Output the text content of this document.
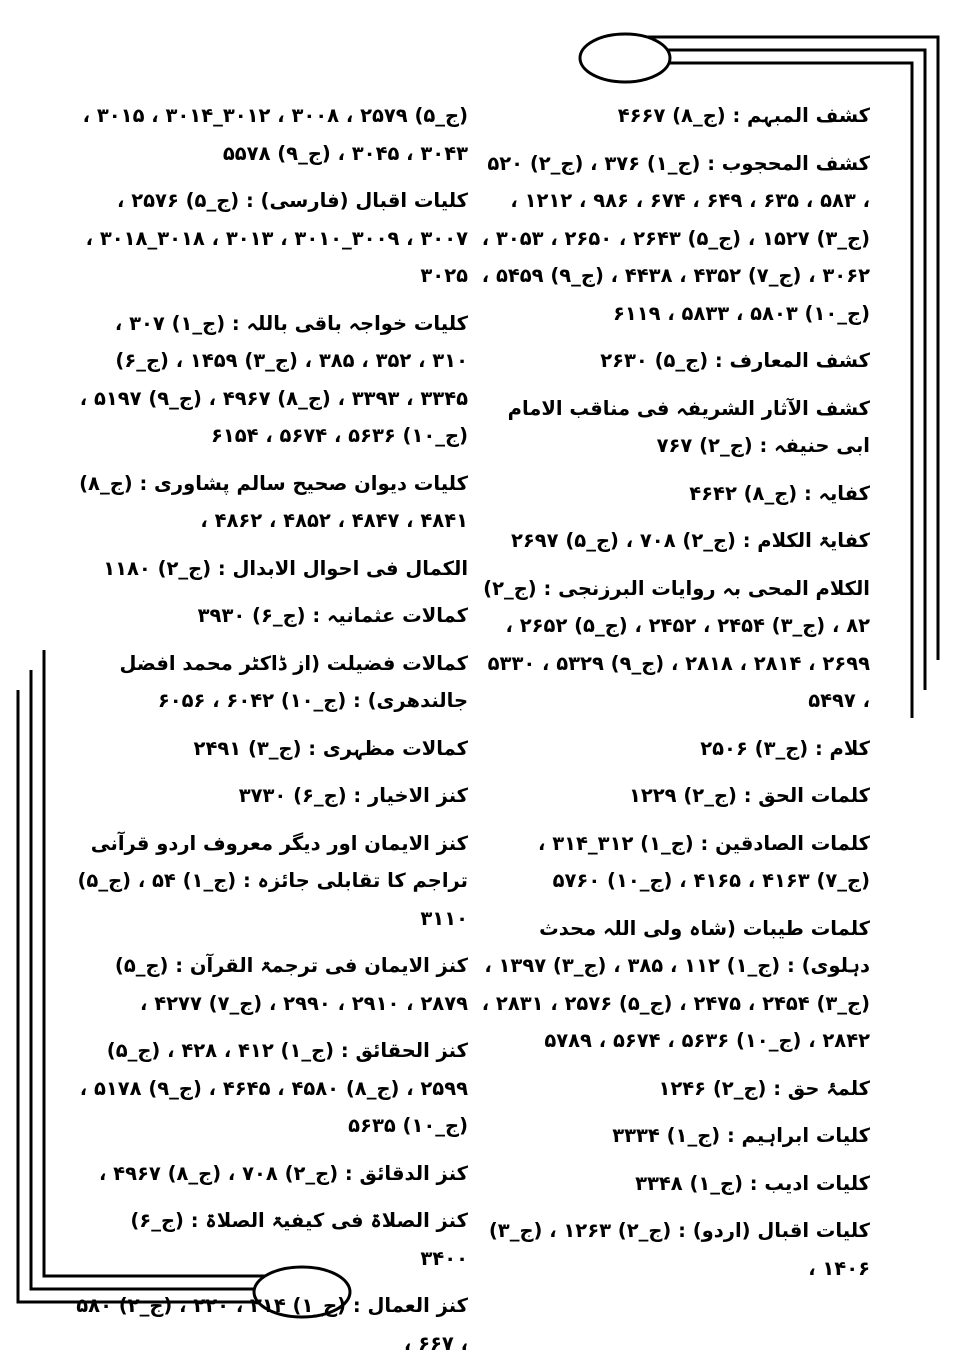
کشف المبہم : (ج_۸) ۴۶۶۷
کشف المحجوب : (ج_۱) ۳۷۶ ، (ج_۲) ۵۲۰ ، ۵۸۳ ، ۶۳۵ ، ۶۴۹ ، ۶۷۴ ، ۹۸۶ ، ۱۲۱۲ ، (ج_۳) ۱۵۲۷ ، (ج_۵) ۲۶۴۳ ، ۲۶۵۰ ، ۳۰۵۳ ، ۳۰۶۲ ، (ج_۷) ۴۳۵۲ ، ۴۴۳۸ ، (ج_۹) ۵۴۵۹ ، (ج_۱۰) ۵۸۰۳ ، ۵۸۳۳ ، ۶۱۱۹
کشف المعارف : (ج_۵) ۲۶۳۰
کشف الآثار الشریفہ فی مناقب الامام ابی حنیفہ : (ج_۲) ۷۶۷
کفایہ : (ج_۸) ۴۶۴۲
کفایۃ الکلام : (ج_۲) ۷۰۸ ، (ج_۵) ۲۶۹۷
الکلام المحی بہ روایات البرزنجی : (ج_۲) ۸۲ ، (ج_۳) ۲۴۵۴ ، ۲۴۵۲ ، (ج_۵) ۲۶۵۲ ، ۲۶۹۹ ، ۲۸۱۴ ، ۲۸۱۸ ، (ج_۹) ۵۳۲۹ ، ۵۳۳۰ ، ۵۴۹۷
کلام : (ج_۳) ۲۵۰۶
کلمات الحق : (ج_۲) ۱۲۲۹
کلمات الصادقین : (ج_۱) ۳۱۲_۳۱۴ ، (ج_۷) ۴۱۶۳ ، ۴۱۶۵ ، (ج_۱۰) ۵۷۶۰
کلمات طیبات (شاہ ولی اللہ محدث دہلوی) : (ج_۱) ۱۱۲ ، ۳۸۵ ، (ج_۳) ۱۳۹۷ ، (ج_۳) ۲۴۵۴ ، ۲۴۷۵ ، (ج_۵) ۲۵۷۶ ، ۲۸۳۱ ، ۲۸۴۲ ، (ج_۱۰) ۵۶۳۶ ، ۵۶۷۴ ، ۵۷۸۹
کلمۂ حق : (ج_۲) ۱۲۴۶
کلیات ابراہیم : (ج_۱) ۳۳۳۴
کلیات ادیب : (ج_۱) ۳۳۴۸
کلیات اقبال (اردو) : (ج_۲) ۱۲۶۳ ، (ج_۳) ۱۴۰۶ ،
(ج_۵) ۲۵۷۹ ، ۳۰۰۸ ، ۳۰۱۲_۳۰۱۴ ، ۳۰۱۵ ، ۳۰۴۳ ، ۳۰۴۵ ، (ج_۹) ۵۵۷۸
کلیات اقبال (فارسی) : (ج_۵) ۲۵۷۶ ، ۳۰۰۷ ، ۳۰۰۹_۳۰۱۰ ، ۳۰۱۳ ، ۳۰۱۸_۳۰۱۸ ، ۳۰۲۵
کلیات خواجہ باقی باللہ : (ج_۱) ۳۰۷ ، ۳۱۰ ، ۳۵۲ ، ۳۸۵ ، (ج_۳) ۱۴۵۹ ، (ج_۶) ۳۳۴۵ ، ۳۳۹۳ ، (ج_۸) ۴۹۶۷ ، (ج_۹) ۵۱۹۷ ، (ج_۱۰) ۵۶۳۶ ، ۵۶۷۴ ، ۶۱۵۴
کلیات دیوان صحیح سالم پشاوری : (ج_۸) ۴۸۴۱ ، ۴۸۴۷ ، ۴۸۵۲ ، ۴۸۶۲ ،
الکمال فی احوال الابدال : (ج_۲) ۱۱۸۰
کمالات عثمانیہ : (ج_۶) ۳۹۳۰
کمالات فضیلت (از ڈاکٹر محمد افضل جالندھری) : (ج_۱۰) ۶۰۴۲ ، ۶۰۵۶
کمالات مظہری : (ج_۳) ۲۴۹۱
کنز الاخیار : (ج_۶) ۳۷۳۰
کنز الایمان اور دیگر معروف اردو قرآنی تراجم کا تقابلی جائزہ : (ج_۱) ۵۴ ، (ج_۵) ۳۱۱۰
کنز الایمان فی ترجمۃ القرآن : (ج_۵) ۲۸۷۹ ، ۲۹۱۰ ، ۲۹۹۰ ، (ج_۷) ۴۲۷۷ ،
کنز الحقائق : (ج_۱) ۴۱۲ ، ۴۲۸ ، (ج_۵) ۲۵۹۹ ، (ج_۸) ۴۵۸۰ ، ۴۶۴۵ ، (ج_۹) ۵۱۷۸ ، (ج_۱۰) ۵۶۳۵
کنز الدقائق : (ج_۲) ۷۰۸ ، (ج_۸) ۴۹۶۷ ،
کنز الصلاۃ فی کیفیۃ الصلاۃ : (ج_۶) ۳۴۰۰
کنز العمال : (ج_۱) ۲۱۴ ، ۲۲۰ ، (ج_۲) ۵۸۰ ، ۶۶۷ ،
